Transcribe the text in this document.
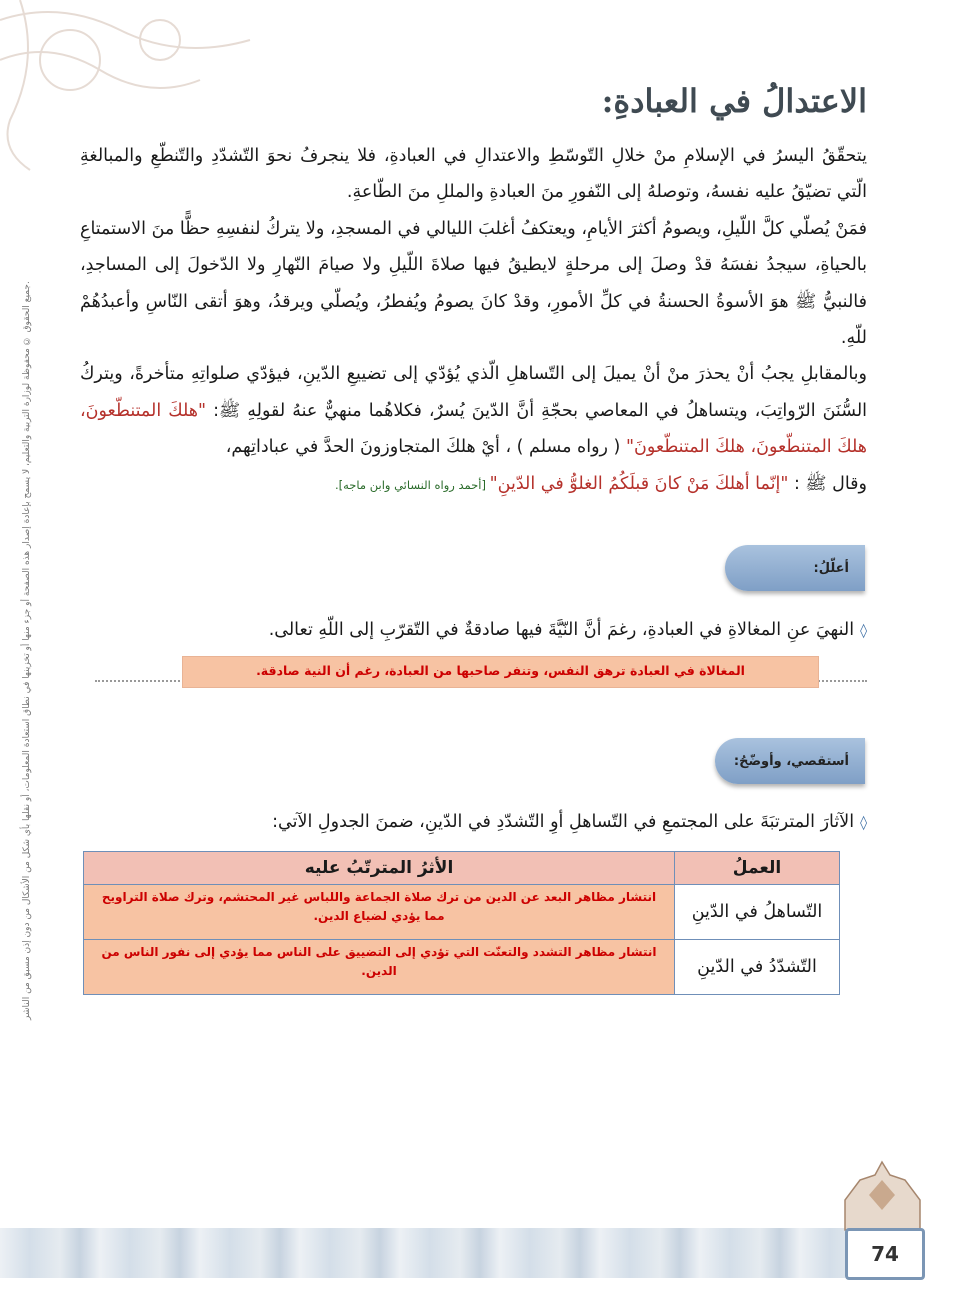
جميع الحقوق © محفوظة لوزارة التربية والتعليم، لا يسمح بإعادة إصدار هذه الصفحة أو جزء منها أو تخزينها في نطاق استعادة المعلومات، أو نقلها بأي شكل من الأشكال من دون إذن مسبق من الناشر.
الاعتدالُ في العبادةِ:

يتحقّقُ اليسرُ في الإسلامِ منْ خلالِ التّوسّطِ والاعتدالِ في العبادةِ، فلا ينجرفُ نحوَ التّشدّدِ والتّنطّعِ والمبالغةِ الّتي تضيّقُ عليه نفسهُ، وتوصلهُ إلى النّفورِ منَ العبادةِ والمللِ منَ الطّاعةِ.

فمَنْ يُصلّي كلَّ اللّيلِ، ويصومُ أكثرَ الأيامِ، ويعتكفُ أغلبَ الليالي في المسجدِ، ولا يتركُ لنفسِهِ حظًّا منَ الاستمتاعِ بالحياةِ، سيجدُ نفسَهُ قدْ وصلَ إلى مرحلةٍ لايطيقُ فيها صلاةَ اللّيلِ ولا صيامَ النّهارِ ولا الدّخولَ إلى المساجدِ، فالنبيُّ ﷺ هوَ الأسوةُ الحسنةُ في كلِّ الأمورِ، وقدْ كانَ يصومُ ويُفطرُ، ويُصلّي ويرقدُ، وهوَ أتقى النّاسِ وأعبدُهُمْ للّهِ.

وبالمقابلِ يجبُ أنْ يحذرَ منْ أنْ يميلَ إلى التّساهلِ الّذي يُؤدّي إلى تضييعِ الدّينِ، فيؤدّي صلواتِهِ متأخرةً، ويتركُ السُّنَنَ الرّواتِبَ، ويتساهلُ في المعاصي بحجّةِ أنَّ الدّينَ يُسرٌ، فكلاهُما منهيٌّ عنهُ لقولِهِ ﷺ: "هلكَ المتنطّعونَ، هلكَ المتنطّعونَ، هلكَ المتنطّعونَ" ( رواه مسلم ) ، أيْ هلكَ المتجاوزونَ الحدَّ في عباداتِهم،

وقال ﷺ : "إنّما أهلكَ مَنْ كانَ قبلَكُمُ الغلوُّ في الدّينِ" [أحمد رواه النسائي وابن ماجه].

أعلّلُ:

◊النهيَ عنِ المغالاةِ في العبادةِ، رغمَ أنَّ النّيَّةَ فيها صادقةٌ في التّقرّبِ إلى اللّهِ تعالى.

المغالاة في العبادة ترهق النفس، وتنفر صاحبها من العبادة، رغم أن النية صادقة.
أستقصي، وأوضّحُ:

◊الآثارَ المترتبَةَ على المجتمعِ في التّساهلِ أوِ التّشدّدِ في الدّينِ، ضمنَ الجدولِ الآتي:

العملُ	الأثرُ المترتّبُ عليه
التّساهلُ في الدّينِ	انتشار مظاهر البعد عن الدين من ترك صلاة الجماعة واللباس غير المحتشم، وترك صلاة التراويح مما يؤدي لضياع الدين.
التّشدّدُ في الدّينِ	انتشار مظاهر التشدد والتعنّت التي تؤدي إلى التضييق على الناس مما يؤدي إلى نفور الناس من الدين.
74
